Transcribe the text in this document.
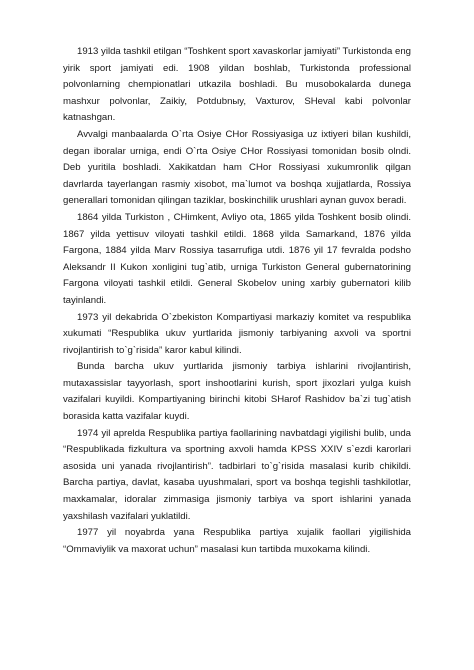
1913 yilda tashkil etilgan “Toshkent sport xavaskorlar jamiyati” Turkistonda eng yirik sport jamiyati edi. 1908 yildan boshlab, Turkistonda professional polvonlarning chempionatlari utkazila boshladi. Bu musobokalarda dunega mashxur polvonlar, Zaikiy, Potdubnыy, Vaxturov, SHeval kabi polvonlar katnashgan.

Avvalgi manbaalarda O`rta Osiye CHor Rossiyasiga uz ixtiyeri bilan kushildi, degan iboralar urniga, endi O`rta Osiye CHor Rossiyasi tomonidan bosib olndi. Deb yuritila boshladi. Xakikatdan ham CHor Rossiyasi xukumronlik qilgan davrlarda tayerlangan rasmiy xisobot, ma`lumot va boshqa xujjatlarda, Rossiya generallari tomonidan qilingan taziklar, boskinchilik urushlari aynan guvox beradi.

1864 yilda Turkiston , CHimkent, Avliyo ota, 1865 yilda Toshkent bosib olindi. 1867 yilda yettisuv viloyati tashkil etildi. 1868 yilda Samarkand, 1876 yilda Fargona, 1884 yilda Marv Rossiya tasarrufiga utdi. 1876 yil 17 fevralda podsho Aleksandr II Kukon xonligini tug`atib, urniga Turkiston General gubernatorining Fargona viloyati tashkil etildi. General Skobelov uning xarbiy gubernatori kilib tayinlandi.

1973 yil dekabrida O`zbekiston Kompartiyasi markaziy komitet va respublika xukumati “Respublika ukuv yurtlarida jismoniy tarbiyaning axvoli va sportni rivojlantirish to`g`risida” karor kabul kilindi.

Bunda barcha ukuv yurtlarida jismoniy tarbiya ishlarini rivojlantirish, mutaxassislar tayyorlash, sport inshootlarini kurish, sport jixozlari yulga kuish vazifalari kuyildi. Kompartiyaning birinchi kitobi SHarof Rashidov ba`zi tug`atish borasida katta vazifalar kuydi.

1974 yil aprelda Respublika partiya faollarining navbatdagi yigilishi bulib, unda “Respublikada fizkultura va sportning axvoli hamda KPSS XXIV s`ezdi karorlari asosida uni yanada rivojlantirish”. tadbirlari to`g`risida masalasi kurib chikildi. Barcha partiya, davlat, kasaba uyushmalari, sport va boshqa tegishli tashkilotlar, maxkamalar, idoralar zimmasiga jismoniy tarbiya va sport ishlarini yanada yaxshilash vazifalari yuklatildi.

1977 yil noyabrda yana Respublika partiya xujalik faollari yigilishida “Ommaviylik va maxorat uchun” masalasi kun tartibda muxokama kilindi.
